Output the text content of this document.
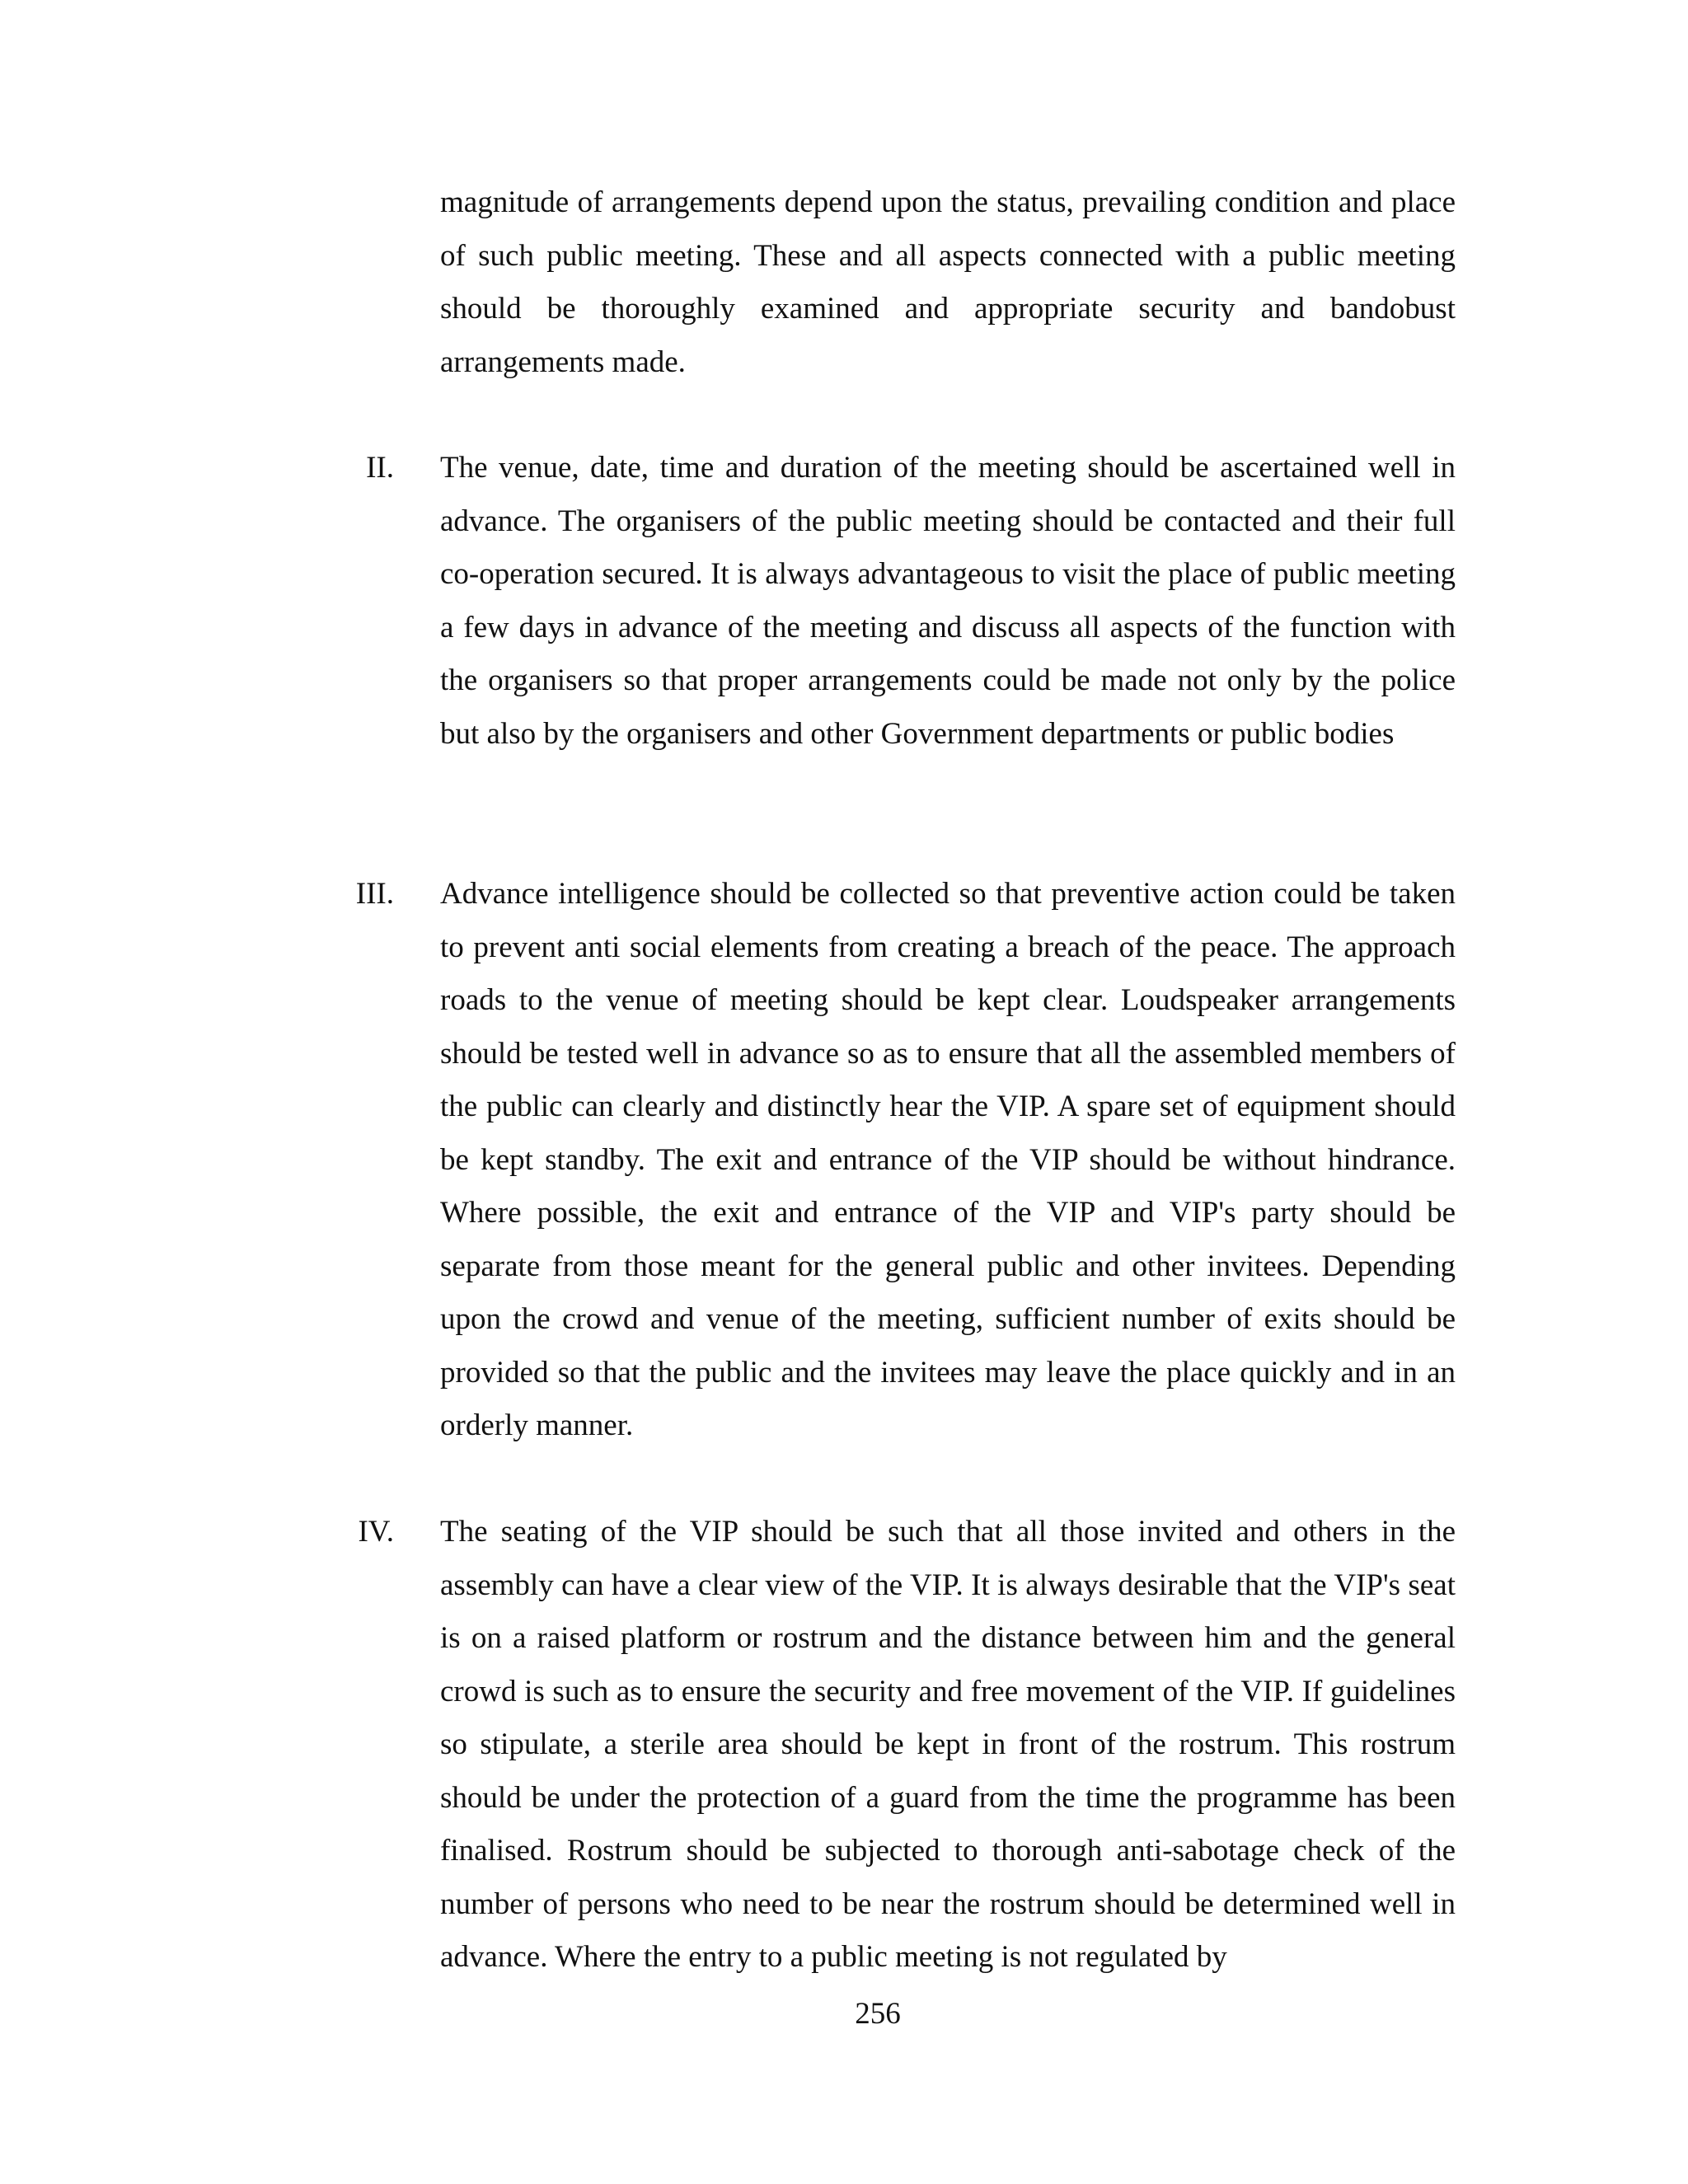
magnitude of arrangements depend upon the status, prevailing condition and place of such public meeting. These and all aspects connected with a public meeting should be thoroughly examined and appropriate security and bandobust arrangements made.

II. The venue, date, time and duration of the meeting should be ascertained well in advance. The organisers of the public meeting should be contacted and their full co-operation secured. It is always advantageous to visit the place of public meeting a few days in advance of the meeting and discuss all aspects of the function with the organisers so that proper arrangements could be made not only by the police but also by the organisers and other Government departments or public bodies

III. Advance intelligence should be collected so that preventive action could be taken to prevent anti social elements from creating a breach of the peace. The approach roads to the venue of meeting should be kept clear. Loudspeaker arrangements should be tested well in advance so as to ensure that all the assembled members of the public can clearly and distinctly hear the VIP. A spare set of equipment should be kept standby. The exit and entrance of the VIP should be without hindrance. Where possible, the exit and entrance of the VIP and VIP's party should be separate from those meant for the general public and other invitees. Depending upon the crowd and venue of the meeting, sufficient number of exits should be provided so that the public and the invitees may leave the place quickly and in an orderly manner.

IV. The seating of the VIP should be such that all those invited and others in the assembly can have a clear view of the VIP. It is always desirable that the VIP's seat is on a raised platform or rostrum and the distance between him and the general crowd is such as to ensure the security and free movement of the VIP. If guidelines so stipulate, a sterile area should be kept in front of the rostrum. This rostrum should be under the protection of a guard from the time the programme has been finalised. Rostrum should be subjected to thorough anti-sabotage check of the number of persons who need to be near the rostrum should be determined well in advance. Where the entry to a public meeting is not regulated by

256
